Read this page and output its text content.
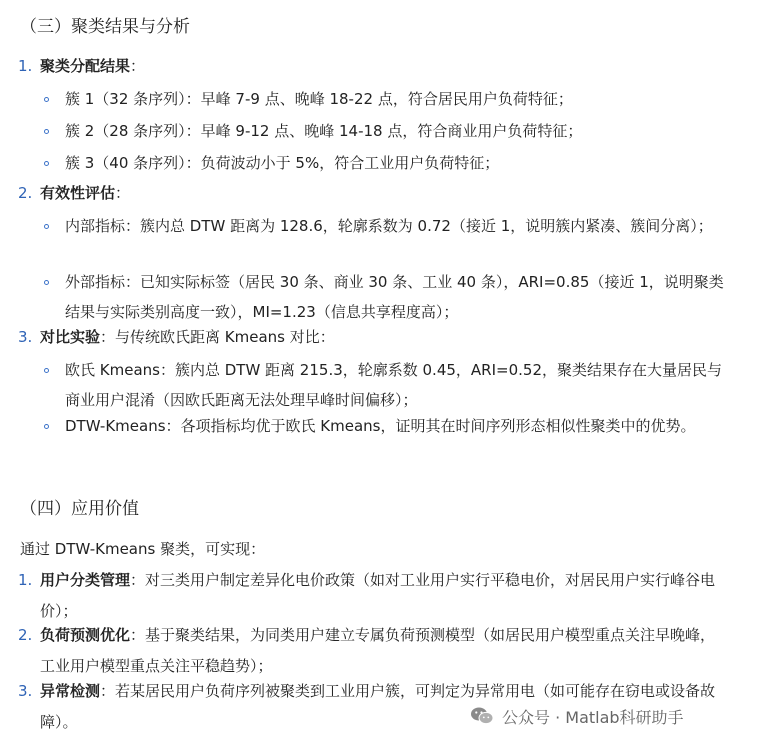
（三）聚类结果与分析
1. 聚类分配结果：
簇 1（32 条序列）：早峰 7-9 点、晚峰 18-22 点，符合居民用户负荷特征；
簇 2（28 条序列）：早峰 9-12 点、晚峰 14-18 点，符合商业用户负荷特征；
簇 3（40 条序列）：负荷波动小于 5%，符合工业用户负荷特征；
2. 有效性评估：
内部指标：簇内总 DTW 距离为 128.6，轮廓系数为 0.72（接近 1，说明簇内紧凑、簇间分离）；
外部指标：已知实际标签（居民 30 条、商业 30 条、工业 40 条），ARI=0.85（接近 1，说明聚类结果与实际类别高度一致），MI=1.23（信息共享程度高）；
3. 对比实验：与传统欧氏距离 Kmeans 对比：
欧氏 Kmeans：簇内总 DTW 距离 215.3，轮廓系数 0.45，ARI=0.52，聚类结果存在大量居民与商业用户混淆（因欧氏距离无法处理早峰时间偏移）；
DTW-Kmeans：各项指标均优于欧氏 Kmeans，证明其在时间序列形态相似性聚类中的优势。
（四）应用价值
通过 DTW-Kmeans 聚类，可实现：
1. 用户分类管理：对三类用户制定差异化电价政策（如对工业用户实行平稳电价，对居民用户实行峰谷电价）；
2. 负荷预测优化：基于聚类结果，为同类用户建立专属负荷预测模型（如居民用户模型重点关注早晚峰，工业用户模型重点关注平稳趋势）；
3. 异常检测：若某居民用户负荷序列被聚类到工业用户簇，可判定为异常用电（如可能存在窃电或设备故障）。	公众号 · Matlab科研助手
